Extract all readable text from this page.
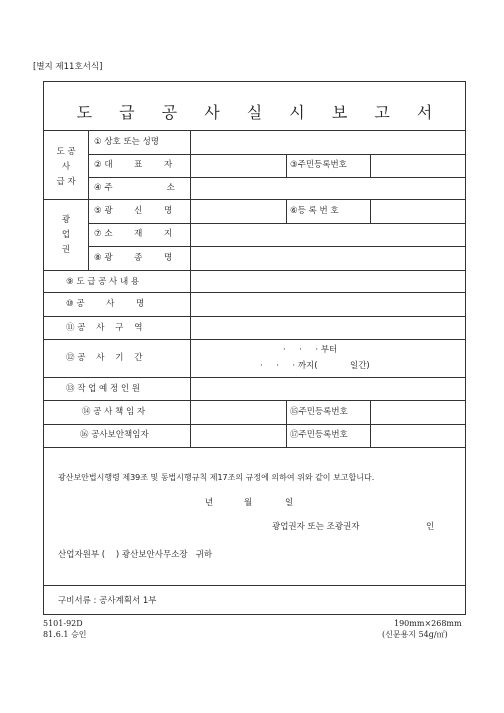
[별지 제11호서식]
도 급 공 사 실 시 보 고 서
도 공
사
급 자
① 상호 또는 성명
② 대        표        자	③주민등록번호
④ 주                    소
광
업
권
⑤ 광        신        명	⑥등 록 번 호
⑦ 소        재        지
⑧ 광        종        명
⑨ 도 급 공 사 내 용
⑩ 공        사        명
⑪ 공    사    구    역
⑫ 공    사    기    간
·     ·     · 부터
·     ·     · 까지(            일간)
⑬ 작 업 예 정 인 원
⑭ 공 사 책 임 자	⑮주민등록번호
⑯ 공사보안책임자	⑰주민등록번호
광산보안법시행령 제39조 및 동법시행규칙 제17조의 규정에 의하여 위와 같이 보고합니다.
년	월	일
광업권자 또는 조광권자	인
산업자원부 (    ) 광산보안사무소장   귀하
구비서류 : 공사계획서 1부
5101-92D
81.6.1 승인
190mm×268mm
(신문용지 54g/㎡)
